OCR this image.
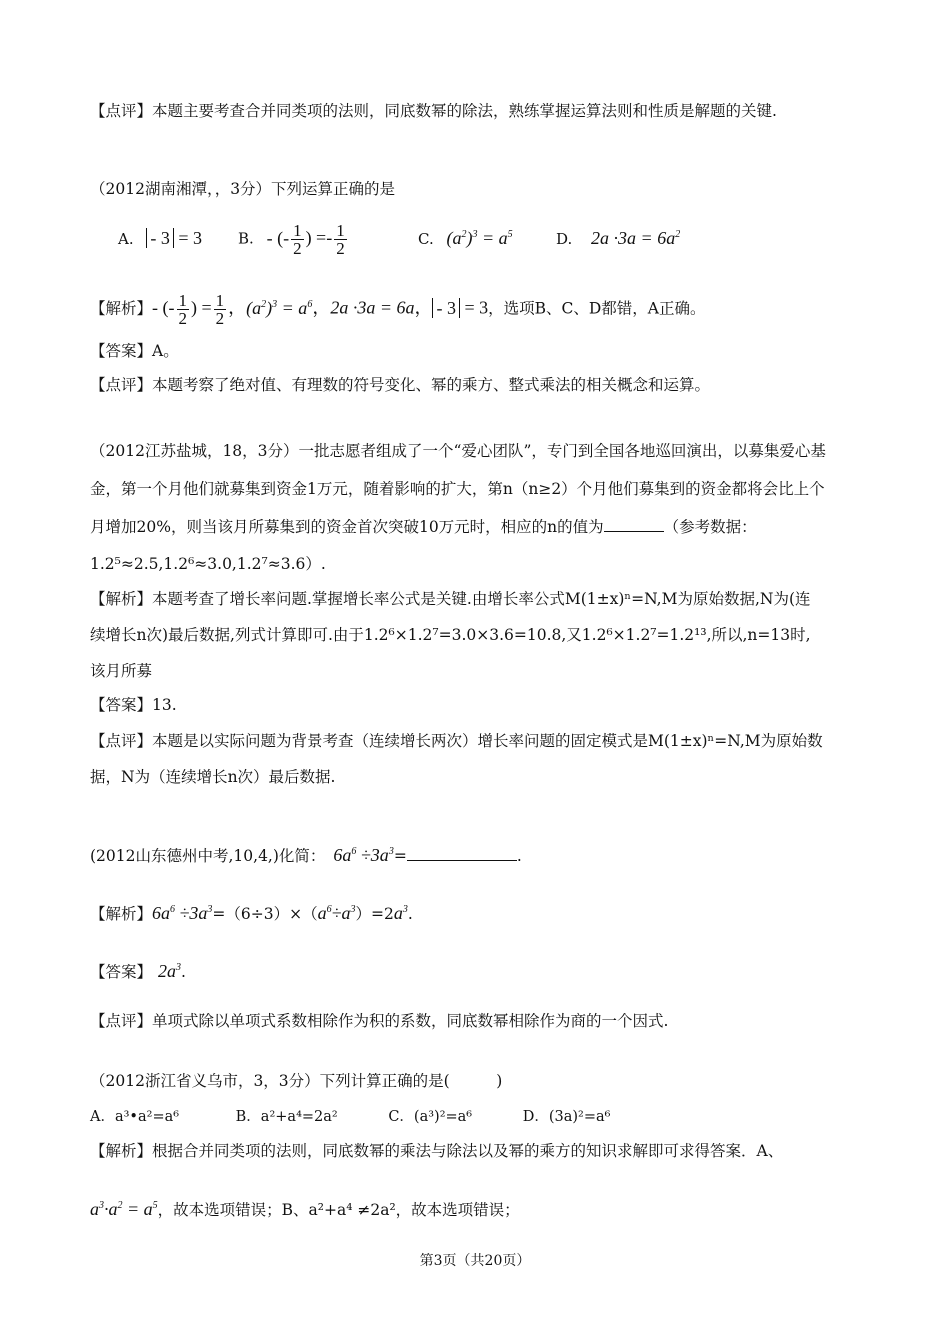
【点评】本题主要考查合并同类项的法则，同底数幂的除法，熟练掌握运算法则和性质是解题的关键.
（2012湖南湘潭，，3分）下列运算正确的是
A. - 3 = 3 B. - (- $\frac{1}{2}$ ) =- $\frac{1}{2}$	C. $(a^2)^3 = a^5$	D. $2a \cdot 3a = 6a^2$
【解析】- (- $\frac{1}{2}$ ) = $\frac{1}{2}$ ，$(a^2)^3 = a^6$，2a ·3a = 6a， - 3 = 3，选项B、C、D都错，A正确。
【答案】A。
【点评】本题考察了绝对值、有理数的符号变化、幂的乘方、整式乘法的相关概念和运算。
（2012江苏盐城，18，3分）一批志愿者组成了一个“爱心团队”，专门到全国各地巡回演出，以募集爱心基
金，第一个月他们就募集到资金1万元，随着影响的扩大，第n（n≥2）个月他们募集到的资金都将会比上个
月增加20%，则当该月所募集到的资金首次突破10万元时，相应的n的值为	（参考数据：
1.2⁵≈2.5,1.2⁶≈3.0,1.2⁷≈3.6）.
【解析】本题考查了增长率问题.掌握增长率公式是关键.由增长率公式M(1±x)ⁿ=N,M为原始数据,N为(连
续增长n次)最后数据,列式计算即可.由于1.2⁶×1.2⁷=3.0×3.6=10.8,又1.2⁶×1.2⁷=1.2¹³,所以,n=13时,
该月所募
【答案】13.
【点评】本题是以实际问题为背景考查（连续增长两次）增长率问题的固定模式是M(1±x)ⁿ=N,M为原始数
据，N为（连续增长n次）最后数据.
(2012山东德州中考,10,4,)化简： $6a^6 \div 3a^3=$	.
【解析】$6a^6 \div 3a^3=(6\div 3)\times(a^6\div a^3)=2a^3$.
【答案】 $2a^3$.
【点评】单项式除以单项式系数相除作为积的系数，同底数幂相除作为商的一个因式.
（2012浙江省义乌市，3，3分）下列计算正确的是(　　　)
A．a³•a²=a⁶	B．a²+a⁴=2a²	C．(a³)²=a⁶	D．(3a)²=a⁶
【解析】根据合并同类项的法则，同底数幂的乘法与除法以及幂的乘方的知识求解即可求得答案．A、
$a^3\cdot a^2 = a^5$，故本选项错误；B、a²+a⁴ ≠2a²，故本选项错误；
第3页（共20页）
